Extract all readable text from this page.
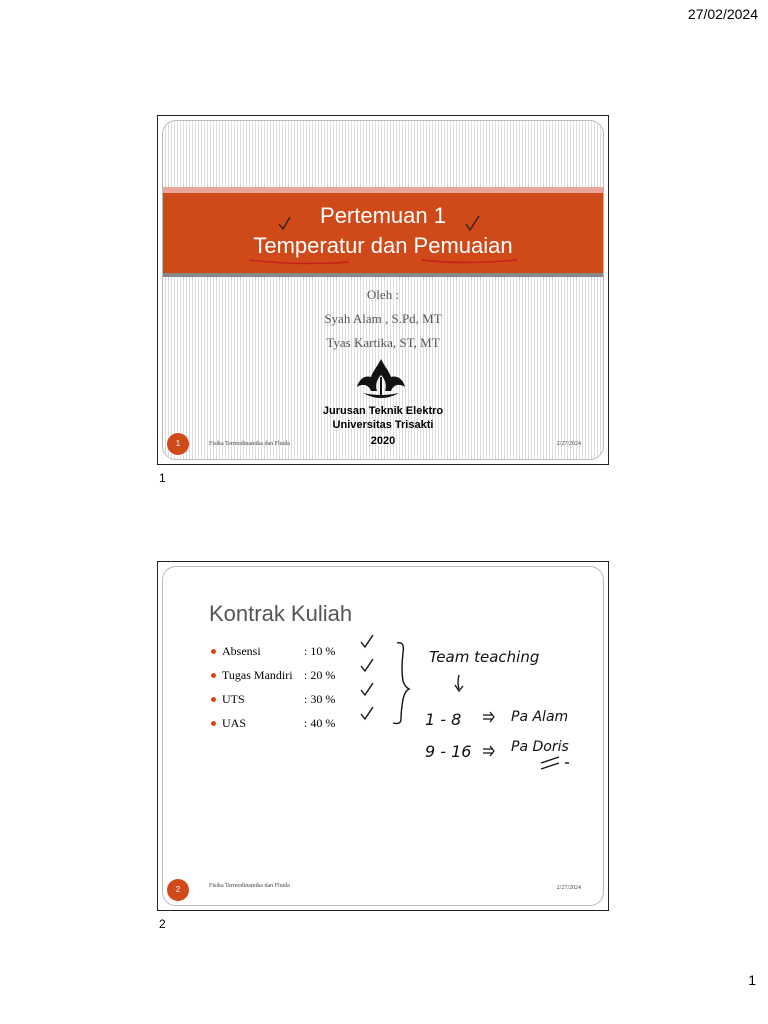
27/02/2024
Pertemuan 1
Temperatur dan Pemuaian
Oleh :
Syah Alam , S.Pd, MT
Tyas Kartika, ST, MT
Jurusan Teknik Elektro
Universitas Trisakti
2020
1	Fisika Termodinamika dan Fluida	2/27/2024
1
Kontrak Kuliah
Absensi	: 10 %
Tugas Mandiri : 20 %
UTS	: 30 %
UAS	: 40 %
Team teaching
1 - 8	Pa Alam
9 - 16	Pa Doris
2	Fisika Termodinamika dan Fluida	2/27/2024
2
1
